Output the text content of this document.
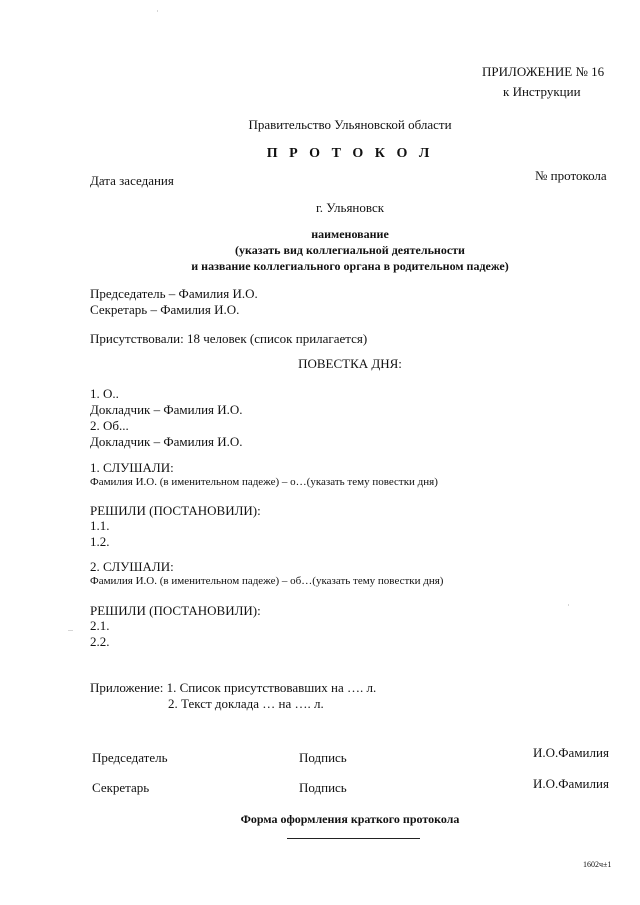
ПРИЛОЖЕНИЕ № 16
к Инструкции
Правительство Ульяновской области
П Р О Т О К О Л
Дата заседания	№ протокола
г. Ульяновск
наименование
(указать вид коллегиальной деятельности
и название коллегиального органа в родительном падеже)
Председатель – Фамилия И.О.
Секретарь – Фамилия И.О.
Присутствовали: 18 человек (список прилагается)
ПОВЕСТКА ДНЯ:
1. О..
Докладчик – Фамилия И.О.
2. Об...
Докладчик – Фамилия И.О.
1. СЛУШАЛИ:
Фамилия И.О. (в именительном падеже) – о…(указать тему повестки дня)
РЕШИЛИ (ПОСТАНОВИЛИ):
1.1.
1.2.
2. СЛУШАЛИ:
Фамилия И.О. (в именительном падеже) – об…(указать тему повестки дня)
РЕШИЛИ (ПОСТАНОВИЛИ):
2.1.
2.2.
Приложение: 1. Список присутствовавших на …. л.
2. Текст доклада … на …. л.
Председатель	Подпись	И.О.Фамилия
Секретарь	Подпись	И.О.Фамилия
Форма оформления краткого протокола
1602ч±1
